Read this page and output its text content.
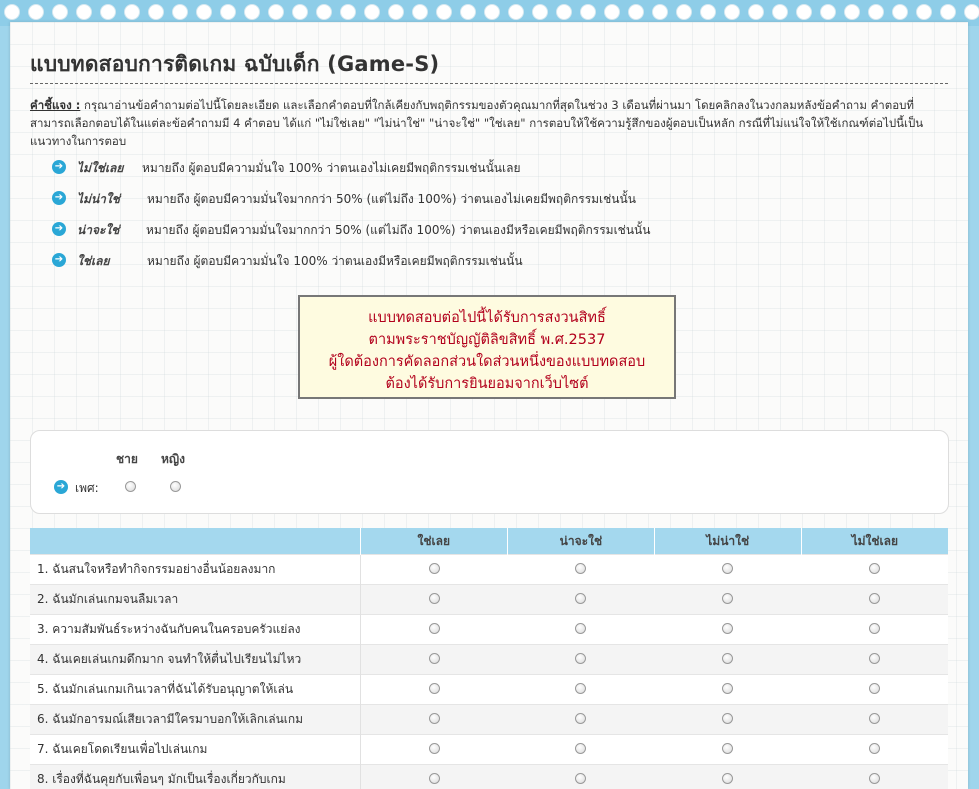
แบบทดสอบการติดเกม ฉบับเด็ก (Game-S)
คำชี้แจง : กรุณาอ่านข้อคำถามต่อไปนี้โดยละเอียด และเลือกคำตอบที่ใกล้เคียงกับพฤติกรรมของตัวคุณมากที่สุดในช่วง 3 เดือนที่ผ่านมา โดยคลิกลงในวงกลมหลังข้อคำถาม คำตอบที่สามารถเลือกตอบได้ในแต่ละข้อคำถามมี 4 คำตอบ ได้แก่ "ไม่ใช่เลย" "ไม่น่าใช่" "น่าจะใช่" "ใช่เลย" การตอบให้ใช้ความรู้สึกของผู้ตอบเป็นหลัก กรณีที่ไม่แน่ใจให้ใช้เกณฑ์ต่อไปนี้เป็นแนวทางในการตอบ
➔ ไม่ใช่เลย หมายถึง ผู้ตอบมีความมั่นใจ 100% ว่าตนเองไม่เคยมีพฤติกรรมเช่นนั้นเลย
➔ ไม่น่าใช่ หมายถึง ผู้ตอบมีความมั่นใจมากกว่า 50% (แต่ไม่ถึง 100%) ว่าตนเองไม่เคยมีพฤติกรรมเช่นนั้น
➔ น่าจะใช่ หมายถึง ผู้ตอบมีความมั่นใจมากกว่า 50% (แต่ไม่ถึง 100%) ว่าตนเองมีหรือเคยมีพฤติกรรมเช่นนั้น
➔ ใช่เลย	หมายถึง ผู้ตอบมีความมั่นใจ 100% ว่าตนเองมีหรือเคยมีพฤติกรรมเช่นนั้น
แบบทดสอบต่อไปนี้ได้รับการสงวนสิทธิ์
ตามพระราชบัญญัติลิขสิทธิ์ พ.ศ.2537
ผู้ใดต้องการคัดลอกส่วนใดส่วนหนึ่งของแบบทดสอบ
ต้องได้รับการยินยอมจากเว็บไซต์
ชาย หญิง
➔ เพศ:
	ใช่เลย	น่าจะใช่	ไม่น่าใช่	ไม่ใช่เลย
1. ฉันสนใจหรือทำกิจกรรมอย่างอื่นน้อยลงมาก				
2. ฉันมักเล่นเกมจนลืมเวลา				
3. ความสัมพันธ์ระหว่างฉันกับคนในครอบครัวแย่ลง				
4. ฉันเคยเล่นเกมดึกมาก จนทำให้ตื่นไปเรียนไม่ไหว				
5. ฉันมักเล่นเกมเกินเวลาที่ฉันได้รับอนุญาตให้เล่น				
6. ฉันมักอารมณ์เสียเวลามีใครมาบอกให้เลิกเล่นเกม				
7. ฉันเคยโดดเรียนเพื่อไปเล่นเกม				
8. เรื่องที่ฉันคุยกับเพื่อนๆ มักเป็นเรื่องเกี่ยวกับเกม				
